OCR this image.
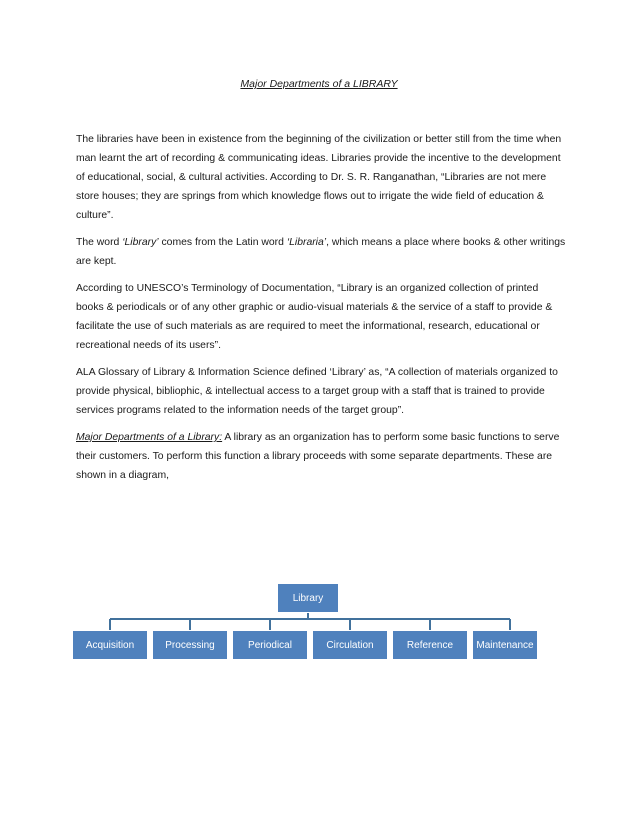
Major Departments of a LIBRARY

The libraries have been in existence from the beginning of the civilization or better still from the time when man learnt the art of recording & communicating ideas. Libraries provide the incentive to the development of educational, social, & cultural activities. According to Dr. S. R. Ranganathan, “Libraries are not mere store houses; they are springs from which knowledge flows out to irrigate the wide field of education & culture”.

The word ‘Library’ comes from the Latin word ‘Libraria’, which means a place where books & other writings are kept.

According to UNESCO’s Terminology of Documentation, “Library is an organized collection of printed books & periodicals or of any other graphic or audio-visual materials & the service of a staff to provide & facilitate the use of such materials as are required to meet the informational, research, educational or recreational needs of its users”.

ALA Glossary of Library & Information Science defined ‘Library’ as, “A collection of materials organized to provide physical, bibliophic, & intellectual access to a target group with a staff that is trained to provide services programs related to the information needs of the target group”.

Major Departments of a Library: A library as an organization has to perform some basic functions to serve their customers. To perform this function a library proceeds with some separate departments. These are shown in a diagram,

Library
Acquisition	Processing	Periodical	Circulation	Reference	Maintenance
